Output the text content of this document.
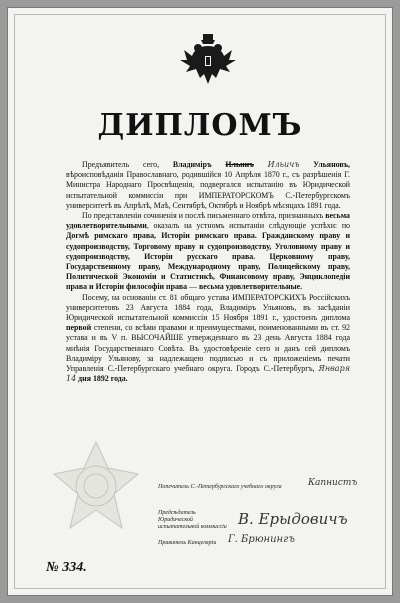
ДИПЛОМЪ

Предъявитель сего, Владиміръ Ильинъ Ильичъ Ульяновъ, вѣроисповѣданія Православнаго, родившійся 10 Апрѣля 1870 г., съ разрѣшенія Г. Министра Народнаго Просвѣщенія, подвергался испытанію въ Юридической испытательной коммиссіи при ИМПЕРАТОРСКОМЪ С.-Петербургскомъ университетѣ въ Апрѣлѣ, Маѣ, Сентябрѣ, Октябрѣ и Ноябрѣ мѣсяцахъ 1891 года.

По представленіи сочиненія и послѣ письменнаго отвѣта, признанныхъ весьма удовлетворительными, оказалъ на устномъ испытаніи слѣдующіе успѣхи: по Догмѣ римскаго права, Исторіи римскаго права. Гражданскому праву и судопроизводству, Торговому праву и судопроизводству, Уголовному праву и судопроизводству, Исторіи русскаго права. Церковному праву, Государственному праву, Международному праву, Полицейскому праву, Политической Экономіи и Статистикѣ, Финансовому праву, Энциклопедіи права и Исторіи философіи права — весьма удовлетворительные.

Посему, на основаніи ст. 81 общаго устава ИМПЕРАТОРСКИХЪ Россійскихъ университетовъ 23 Августа 1884 года, Владиміръ Ульяновъ, въ засѣданіи Юридической испытательной коммиссіи 15 Ноября 1891 г., удостоенъ диплома первой степени, со всѣми правами и преимуществами, поименованными въ ст. 92 устава и въ V п. ВЫСОЧАЙШЕ утвержденнаго въ 23 день Августа 1884 года мнѣнія Государственнаго Совѣта. Въ удостовѣреніе сего и данъ сей дипломъ Владиміру Ульянову, за надлежащею подписью и съ приложеніемъ печати Управленія С.-Петербургскаго учебнаго округа. Городъ С.-Петербургъ, Января 14 дня 1892 года.

Попечитель С.-Петербургскаго учебнаго округа	Капнистъ
Предсѣдатель Юридической испытательной коммиссіи В. Ерыдовичъ
Правитель Канцеляріи Г. Брюнингъ
№ 334.
